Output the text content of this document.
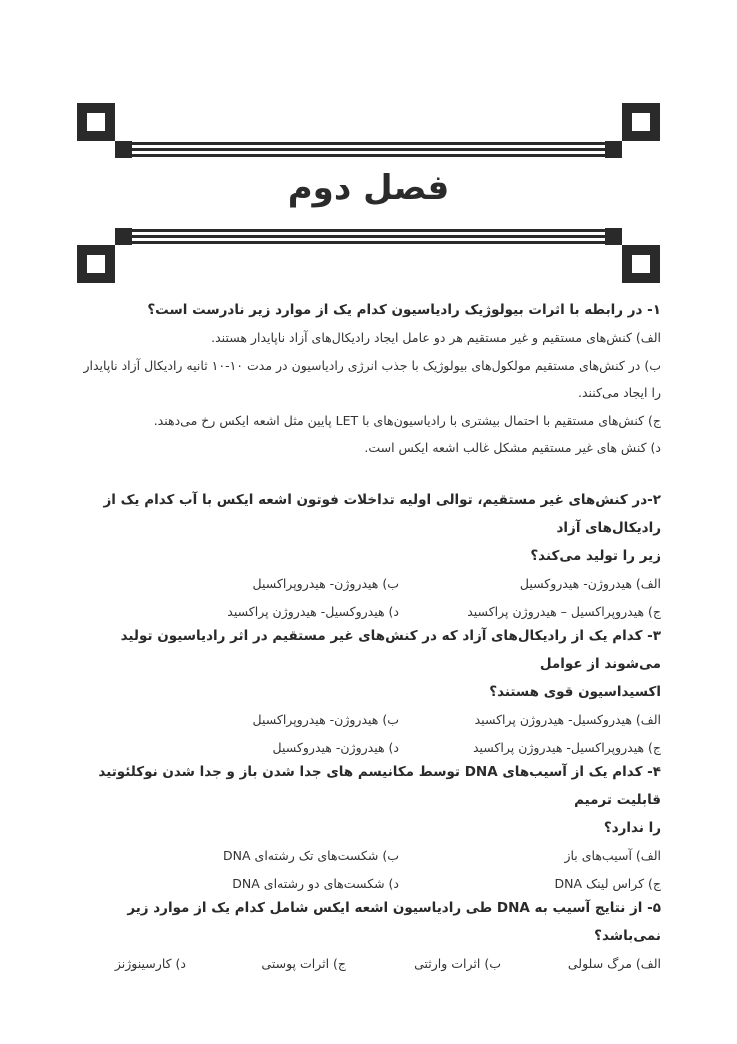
فصل دوم
۱- در رابطه با اثرات بیولوژیک رادیاسیون کدام یک از موارد زیر نادرست است؟
الف) کنش‌های مستقیم و غیر مستقیم هر دو عامل ایجاد رادیکال‌های آزاد ناپایدار هستند.
ب) در کنش‌های مستقیم مولکول‌های بیولوژیک با جذب انرژی رادیاسیون در مدت ۱۰-۱۰ ثانیه رادیکال آزاد ناپایدار
را ایجاد می‌کنند.
ج) کنش‌های مستقیم با احتمال بیشتری با رادیاسیون‌های با LET پایین مثل اشعه ایکس رخ می‌دهند.
د) کنش های غیر مستقیم مشکل غالب اشعه ایکس است.
۲-در کنش‌های غیر مستقیم، توالی اولیه تداخلات فوتون اشعه ایکس با آب کدام یک از رادیکال‌های آزاد
زیر را تولید می‌کند؟
الف) هیدروژن- هیدروکسیل
ب) هیدروژن- هیدروپراکسیل
ج) هیدروپراکسیل – هیدروژن پراکسید
د) هیدروکسیل- هیدروژن پراکسید
۳- کدام یک از رادیکال‌های آزاد که در کنش‌های غیر مستقیم در اثر رادیاسیون تولید می‌شوند از عوامل
اکسیداسیون قوی هستند؟
الف) هیدروکسیل- هیدروژن پراکسید
ب) هیدروژن- هیدروپراکسیل
ج) هیدروپراکسیل- هیدروژن پراکسید
د) هیدروژن- هیدروکسیل
۴- کدام یک از آسیب‌های DNA توسط مکانیسم های جدا شدن باز و جدا شدن نوکلئوتید قابلیت ترمیم
را ندارد؟
الف) آسیب‌های باز
ب) شکست‌های تک رشته‌ای DNA
ج) کراس لینک DNA
د) شکست‌های دو رشته‌ای DNA
۵- از نتایج آسیب به DNA طی رادیاسیون اشعه ایکس شامل کدام یک از موارد زیر نمی‌باشد؟
الف) مرگ سلولی
ب) اثرات وارثتی
ج) اثرات پوستی
د) کارسینوژنز
